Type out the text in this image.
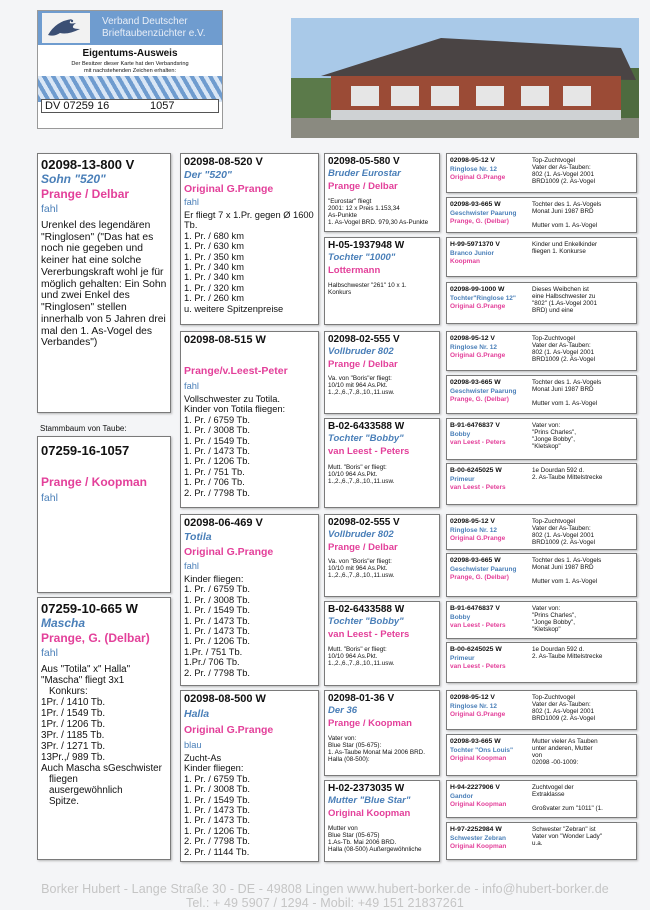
Verband Deutscher
Brieftaubenzüchter e.V.
Eigentums-Ausweis
Der Besitzer dieser Karte hat den Verbandsring
mit nachstehenden Zeichen erhalten:
DV 07259 16	1057
02098-13-800 V
Sohn "520"
Prange / Delbar
fahl
Urenkel des legendären "Ringlosen" ("Das hat es noch nie gegeben und keiner hat eine solche Vererbungskraft wohl je für möglich gehalten: Ein Sohn und zwei Enkel des "Ringlosen" stellen innerhalb von 5 Jahren drei mal den 1. As-Vogel des Verbandes")
Stammbaum von Taube:
07259-16-1057
Prange / Koopman
fahl
07259-10-665 W
Mascha
Prange, G. (Delbar)
fahl
Aus "Totila" x" Halla"
"Mascha" fliegt 3x1
Konkurs:
1Pr. / 1410 Tb.
1Pr. / 1549 Tb.
1Pr. / 1206 Tb.
3Pr. / 1185 Tb.
3Pr. / 1271 Tb.
13Pr.,/ 989 Tb.
Auch Mascha sGeschwister
fliegen
ausergewöhnlich
Spitze.
02098-08-520 V
Der "520"
Original G.Prange
fahl
Er fliegt 7 x 1.Pr. gegen Ø 1600
Tb.
1. Pr. / 680 km
1. Pr. / 630 km
1. Pr. / 350 km
1. Pr. / 340 km
1. Pr. / 340 km
1. Pr. / 320 km
1. Pr. / 260 km
u. weitere Spitzenpreise
02098-08-515 W
Prange/v.Leest-Peter
fahl
Vollschwester zu Totila.
Kinder von Totila fliegen:
1. Pr. / 6759 Tb.
1. Pr. / 3008 Tb.
1. Pr. / 1549 Tb.
1. Pr. / 1473 Tb.
1. Pr. / 1206 Tb.
1. Pr. / 751 Tb.
1. Pr. / 706 Tb.
2. Pr. / 7798 Tb.
02098-06-469 V
Totila
Original G.Prange
fahl
Kinder fliegen:
1. Pr. / 6759 Tb.
1. Pr. / 3008 Tb.
1. Pr. / 1549 Tb.
1. Pr. / 1473 Tb.
1. Pr. / 1473 Tb.
1. Pr. / 1206 Tb.
1.Pr. / 751 Tb.
1.Pr./ 706 Tb.
2. Pr. / 7798 Tb.
02098-08-500 W
Halla
Original G.Prange
blau
Zucht-As
Kinder fliegen:
1. Pr. / 6759 Tb.
1. Pr. / 3008 Tb.
1. Pr. / 1549 Tb.
1. Pr. / 1473 Tb.
1. Pr. / 1473 Tb.
1. Pr. / 1206 Tb.
2. Pr. / 7798 Tb.
2. Pr. / 1144 Tb.
02098-05-580 V
Bruder Eurostar
Prange / Delbar
"Eurostar" fliegt
2001: 12 x Preis 1.153,34
As-Punkte
1. As-Vogel BRD. 979,30 As-Punkte
H-05-1937948 W
Tochter "1000"
Lottermann
Halbschwester "261" 10 x 1.
Konkurs
02098-02-555 V
Vollbruder 802
Prange / Delbar
Va. von "Boris"er fliegt:
10/10 mit 964 As.Pkt.
1.,2.,6.,7.,8.,10.,11.usw.
B-02-6433588 W
Tochter "Bobby"
van Leest - Peters
Mutt. "Boris" er fliegt:
10/10 964 As.Pkt.
1.,2.,6.,7.,8.,10.,11.usw.
02098-02-555 V
Vollbruder 802
Prange / Delbar
Va. von "Boris"er fliegt:
10/10 mit 964 As.Pkt.
1.,2.,6.,7.,8.,10.,11.usw.
B-02-6433588 W
Tochter "Bobby"
van Leest - Peters
Mutt. "Boris" er fliegt:
10/10 964 As.Pkt.
1.,2.,6.,7.,8.,10.,11.usw.
02098-01-36 V
Der 36
Prange / Koopman
Vater von:
Blue Star (05-675):
1. As-Taube Monat Mai 2006 BRD.
Halla (08-500):
H-02-2373035 W
Mutter "Blue Star"
Original Koopman
Mutter von
Blue Star (05-675)
1.As-Tb. Mai 2006 BRD.
Halla (08-500) Außergewöhnliche
02098-95-12 V
Ringlose Nr. 12
Original G.Prange
Top-Zuchtvogel
Vater der As-Tauben:
802 (1. As-Vogel 2001
BRD1009 (2. As-Vogel
02098-93-665 W
Geschwister Paarung
Prange, G. (Delbar)
Tochter des 1. As-Vogels
Monat Juni 1987 BRD
Mutter vom 1. As-Vogel
H-99-5971370 V
Branco Junior
Koopman
Kinder und Enkelkinder
fliegen 1. Konkurse
02098-99-1000 W
Tochter"Ringlose 12"
Original G.Prange
Dieses Weibchen ist
eine Halbschwester zu
"802" (1.As-Vogel 2001
BRD) und eine
02098-95-12 V
Ringlose Nr. 12
Original G.Prange
Top-Zuchtvogel
Vater der As-Tauben:
802 (1. As-Vogel 2001
BRD1009 (2. As-Vogel
02098-93-665 W
Geschwister Paarung
Prange, G. (Delbar)
Tochter des 1. As-Vogels
Monat Juni 1987 BRD
Mutter vom 1. As-Vogel
B-91-6476837 V
Bobby
van Leest - Peters
Vater von:
"Prins Charles",
"Jonge Bobby",
"Kletskop"
B-00-6245025 W
Primeur
van Leest - Peters
1e Dourdan 592 d.
2. As-Taube Mittelstrecke
02098-95-12 V
Ringlose Nr. 12
Original G.Prange
Top-Zuchtvogel
Vater der As-Tauben:
802 (1. As-Vogel 2001
BRD1009 (2. As-Vogel
02098-93-665 W
Geschwister Paarung
Prange, G. (Delbar)
Tochter des 1. As-Vogels
Monat Juni 1987 BRD
Mutter vom 1. As-Vogel
B-91-6476837 V
Bobby
van Leest - Peters
Vater von:
"Prins Charles",
"Jonge Bobby",
"Kletskop"
B-00-6245025 W
Primeur
van Leest - Peters
1e Dourdan 592 d.
2. As-Taube Mittelstrecke
02098-95-12 V
Ringlose Nr. 12
Original G.Prange
Top-Zuchtvogel
Vater der As-Tauben:
802 (1. As-Vogel 2001
BRD1009 (2. As-Vogel
02098-93-665 W
Tochter "Ons Louis"
Original Koopman
Mutter vieler As Tauben
unter anderen, Mutter
von
02098 -00-1009:
H-94-2227906 V
Gandor
Original Koopman
Zuchtvogel der
Extraklasse
Großvater zum "1011" (1.
H-97-2252984 W
Schwester Zebran
Original Koopman
Schwester "Zebran" ist
Vater von "Wonder Lady"
u.a.
Borker Hubert - Lange Straße 30 - DE - 49808 Lingen www.hubert-borker.de - info@hubert-borker.de
Tel.: + 49 5907 / 1294 - Mobil: +49 151 21837261
